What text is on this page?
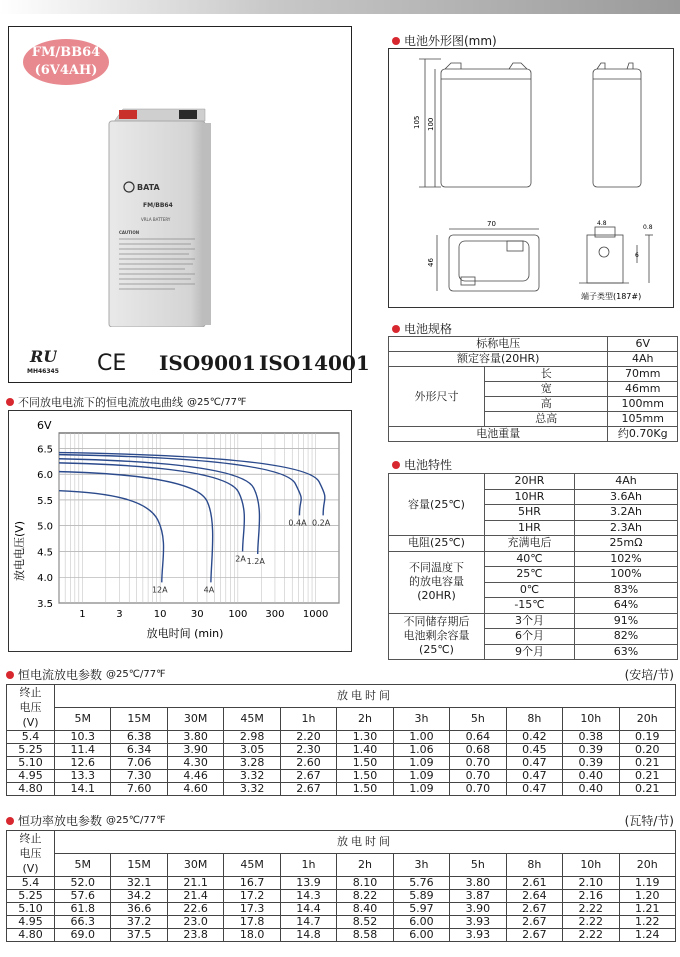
FM/BB64
(6V4AH)
BATA
FM/BB64
VRLA BATTERY
CAUTION
RU
MH46345 CE ISO9001 ISO14001
电池外形图(mm)
105 100
70
46
4.8
0.8
6
端子类型(187#)
电池规格
标称电压		6V
额定容量(20HR)		4Ah
外形尺寸	长	70mm
	宽	46mm
	高	100mm
	总高	105mm
电池重量		约0.70Kg
电池特性
容量(25℃)	20HR	4Ah
	10HR	3.6Ah
	5HR	3.2Ah
	1HR	2.3Ah
电阻(25℃)	充满电后	25mΩ

不同温度下
的放电容量
(20HR)	40℃	102%
	25℃	100%
	0℃	83%
	-15℃	64%

不同储存期后
电池剩余容量
(25℃)	3个月	91%
	6个月	82%
	9个月	63%
不同放电电流下的恒电流放电曲线 @25℃/77℉
6V
放电电压(V)
放电时间 (min)
6.5
6.0
5.5
5.0
4.5
4.0
3.5
1	3	10 30 100 300 1000
12A	4A
2A 1.2A
0.4A 0.2A
恒电流放电参数 @25℃/77℉	(安培/节)
终止
电压
(V)	放电时间										
	5M	15M	30M	45M	1h	2h	3h	5h	8h	10h	20h
5.4	10.3	6.38	3.80	2.98	2.20	1.30	1.00	0.64	0.42	0.38	0.19
5.25	11.4	6.34	3.90	3.05	2.30	1.40	1.06	0.68	0.45	0.39	0.20
5.10	12.6	7.06	4.30	3.28	2.60	1.50	1.09	0.70	0.47	0.39	0.21
4.95	13.3	7.30	4.46	3.32	2.67	1.50	1.09	0.70	0.47	0.40	0.21
4.80	14.1	7.60	4.60	3.32	2.67	1.50	1.09	0.70	0.47	0.40	0.21
恒功率放电参数 @25℃/77℉	(瓦特/节)
终止
电压
(V)	放电时间										
	5M	15M	30M	45M	1h	2h	3h	5h	8h	10h	20h
5.4	52.0	32.1	21.1	16.7	13.9	8.10	5.76	3.80	2.61	2.10	1.19
5.25	57.6	34.2	21.4	17.2	14.3	8.22	5.89	3.87	2.64	2.16	1.20
5.10	61.8	36.6	22.6	17.3	14.4	8.40	5.97	3.90	2.67	2.22	1.21
4.95	66.3	37.2	23.0	17.8	14.7	8.52	6.00	3.93	2.67	2.22	1.22
4.80	69.0	37.5	23.8	18.0	14.8	8.58	6.00	3.93	2.67	2.22	1.24
